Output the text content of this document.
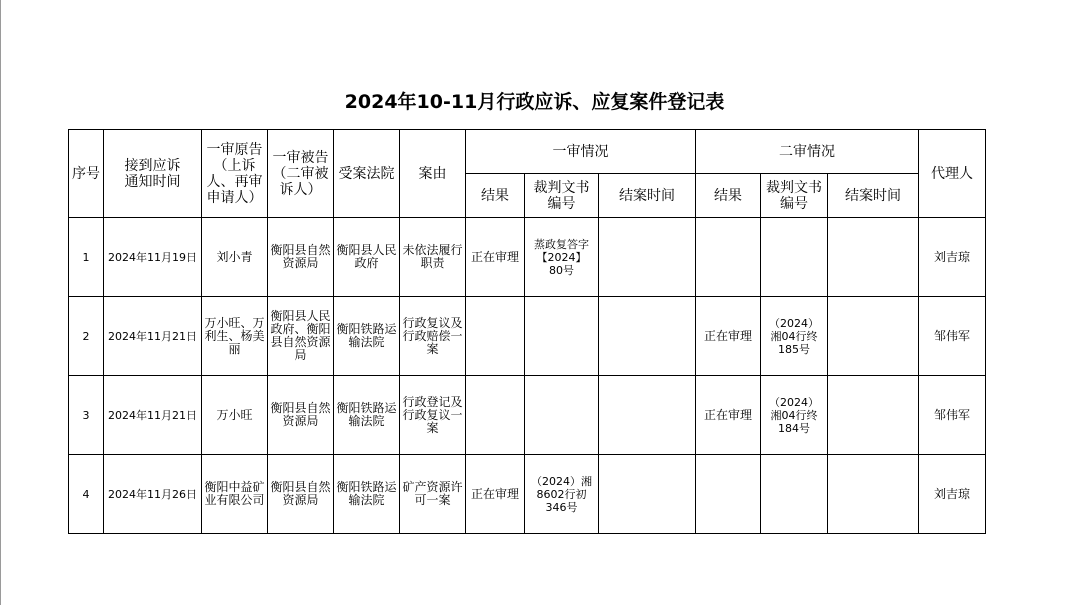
2024年10-11月行政应诉、应复案件登记表
序号	接到应诉通知时间	一审原告（上诉人、再审申请人）	一审被告（二审被诉人）	受案法院	案由	一审情况			二审情况			代理人
						结果	裁判文书编号	结案时间	结果	裁判文书编号	结案时间	
1	2024年11月19日	刘小青	衡阳县自然资源局	衡阳县人民政府	未依法履行职责	正在审理	蒸政复答字【2024】80号					刘吉琼
2	2024年11月21日	万小旺、万利生、杨美丽	衡阳县人民政府、衡阳县自然资源局	衡阳铁路运输法院	行政复议及行政赔偿一案				正在审理	（2024）湘04行终185号		邹伟军
3	2024年11月21日	万小旺	衡阳县自然资源局	衡阳铁路运输法院	行政登记及行政复议一案				正在审理	（2024）湘04行终184号		邹伟军
4	2024年11月26日	衡阳中益矿业有限公司	衡阳县自然资源局	衡阳铁路运输法院	矿产资源许可一案	正在审理	（2024）湘8602行初346号					刘吉琼
